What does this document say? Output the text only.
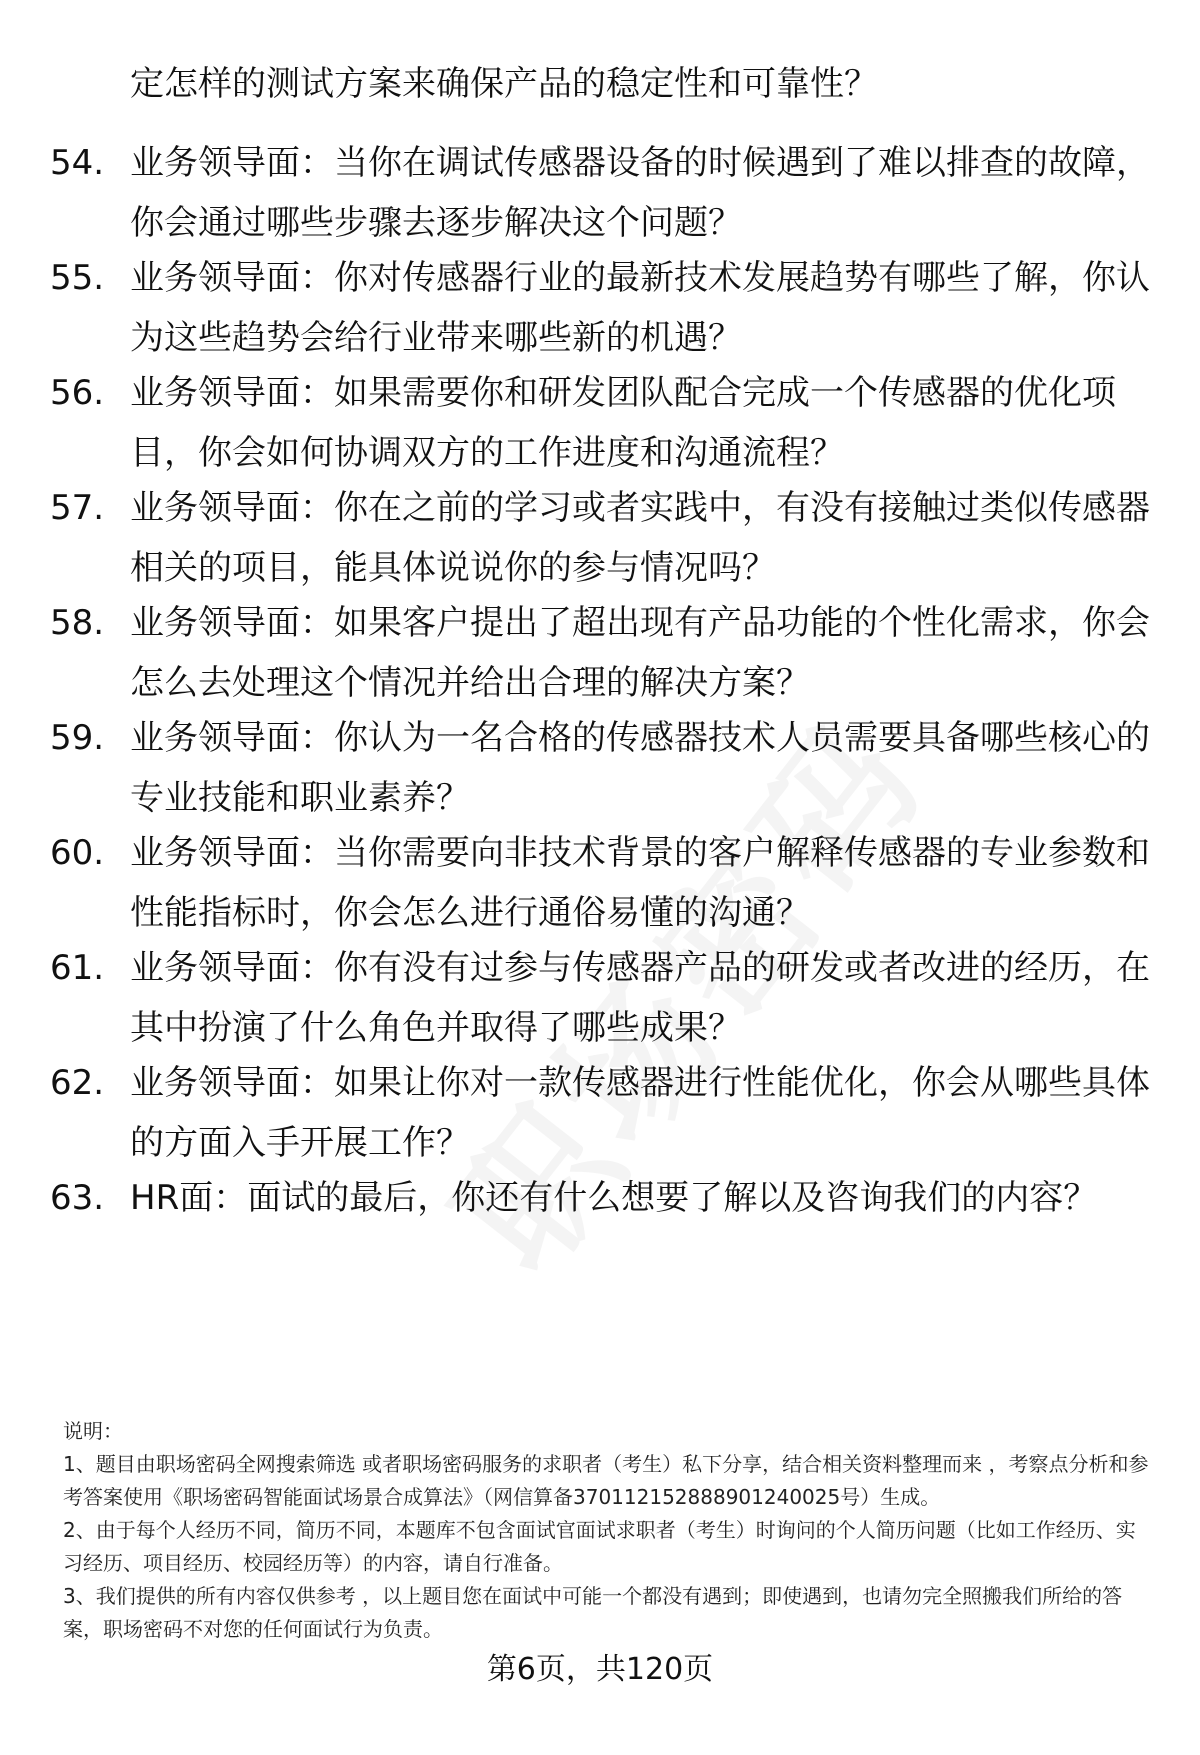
定怎样的测试方案来确保产品的稳定性和可靠性？
54. 业务领导面：当你在调试传感器设备的时候遇到了难以排查的故障，你会通过哪些步骤去逐步解决这个问题？
55. 业务领导面：你对传感器行业的最新技术发展趋势有哪些了解，你认为这些趋势会给行业带来哪些新的机遇？
56. 业务领导面：如果需要你和研发团队配合完成一个传感器的优化项目，你会如何协调双方的工作进度和沟通流程？
57. 业务领导面：你在之前的学习或者实践中，有没有接触过类似传感器相关的项目，能具体说说你的参与情况吗？
58. 业务领导面：如果客户提出了超出现有产品功能的个性化需求，你会怎么去处理这个情况并给出合理的解决方案？
59. 业务领导面：你认为一名合格的传感器技术人员需要具备哪些核心的专业技能和职业素养？
60. 业务领导面：当你需要向非技术背景的客户解释传感器的专业参数和性能指标时，你会怎么进行通俗易懂的沟通？
61. 业务领导面：你有没有过参与传感器产品的研发或者改进的经历，在其中扮演了什么角色并取得了哪些成果？
62. 业务领导面：如果让你对一款传感器进行性能优化，你会从哪些具体的方面入手开展工作？
63. HR面：面试的最后，你还有什么想要了解以及咨询我们的内容？

说明：

1、题目由职场密码全网搜索筛选 或者职场密码服务的求职者（考生）私下分享，结合相关资料整理而来 ，考察点分析和参考答案使用《职场密码智能面试场景合成算法》（网信算备370112152888901240025号）生成。

2、由于每个人经历不同，简历不同，本题库不包含面试官面试求职者（考生）时询问的个人简历问题（比如工作经历、实习经历、项目经历、校园经历等）的内容，请自行准备。

3、我们提供的所有内容仅供参考 ，以上题目您在面试中可能一个都没有遇到；即使遇到，也请勿完全照搬我们所给的答案，职场密码不对您的任何面试行为负责。

第6页，共120页
